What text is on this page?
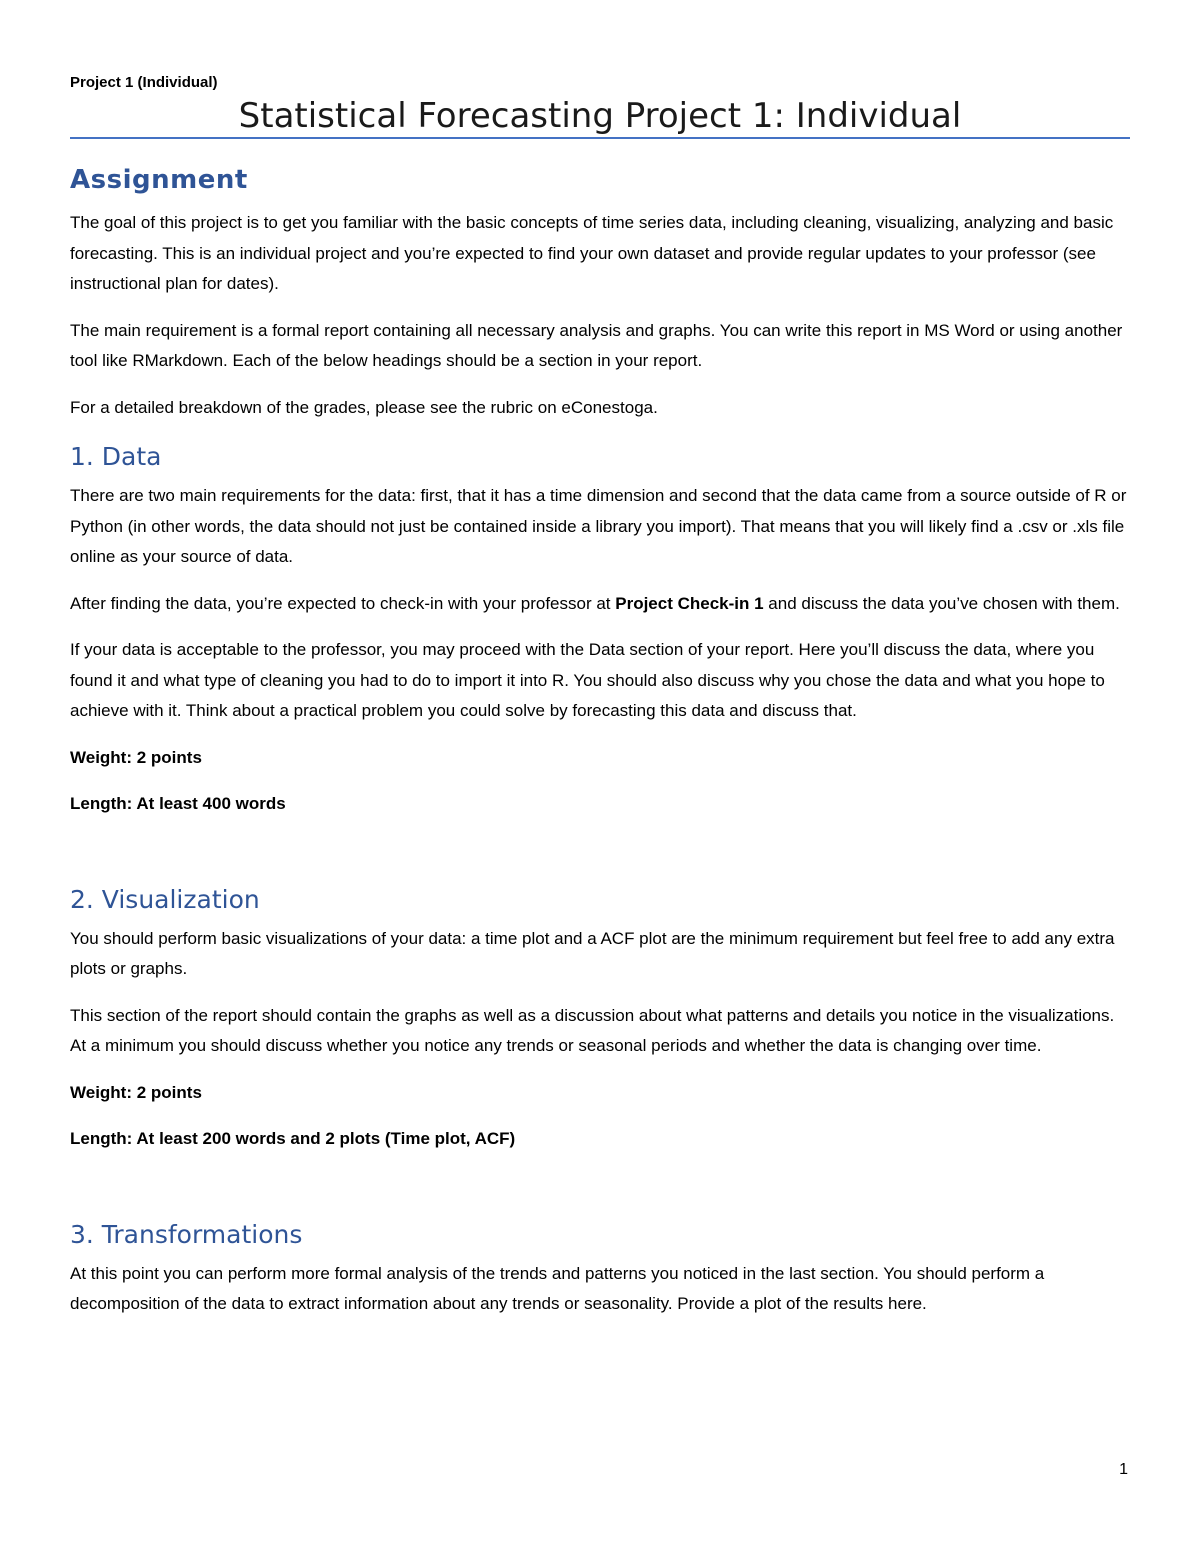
Project 1 (Individual)
Statistical Forecasting Project 1: Individual
Assignment

The goal of this project is to get you familiar with the basic concepts of time series data, including cleaning, visualizing, analyzing and basic forecasting. This is an individual project and you’re expected to find your own dataset and provide regular updates to your professor (see instructional plan for dates).

The main requirement is a formal report containing all necessary analysis and graphs. You can write this report in MS Word or using another tool like RMarkdown. Each of the below headings should be a section in your report.

For a detailed breakdown of the grades, please see the rubric on eConestoga.

1. Data

There are two main requirements for the data: first, that it has a time dimension and second that the data came from a source outside of R or Python (in other words, the data should not just be contained inside a library you import). That means that you will likely find a .csv or .xls file online as your source of data.

After finding the data, you’re expected to check-in with your professor at Project Check-in 1 and discuss the data you’ve chosen with them.

If your data is acceptable to the professor, you may proceed with the Data section of your report. Here you’ll discuss the data, where you found it and what type of cleaning you had to do to import it into R. You should also discuss why you chose the data and what you hope to achieve with it. Think about a practical problem you could solve by forecasting this data and discuss that.

Weight: 2 points

Length: At least 400 words

2. Visualization

You should perform basic visualizations of your data: a time plot and a ACF plot are the minimum requirement but feel free to add any extra plots or graphs.

This section of the report should contain the graphs as well as a discussion about what patterns and details you notice in the visualizations. At a minimum you should discuss whether you notice any trends or seasonal periods and whether the data is changing over time.

Weight: 2 points

Length: At least 200 words and 2 plots (Time plot, ACF)

3. Transformations

At this point you can perform more formal analysis of the trends and patterns you noticed in the last section. You should perform a decomposition of the data to extract information about any trends or seasonality. Provide a plot of the results here.

1
